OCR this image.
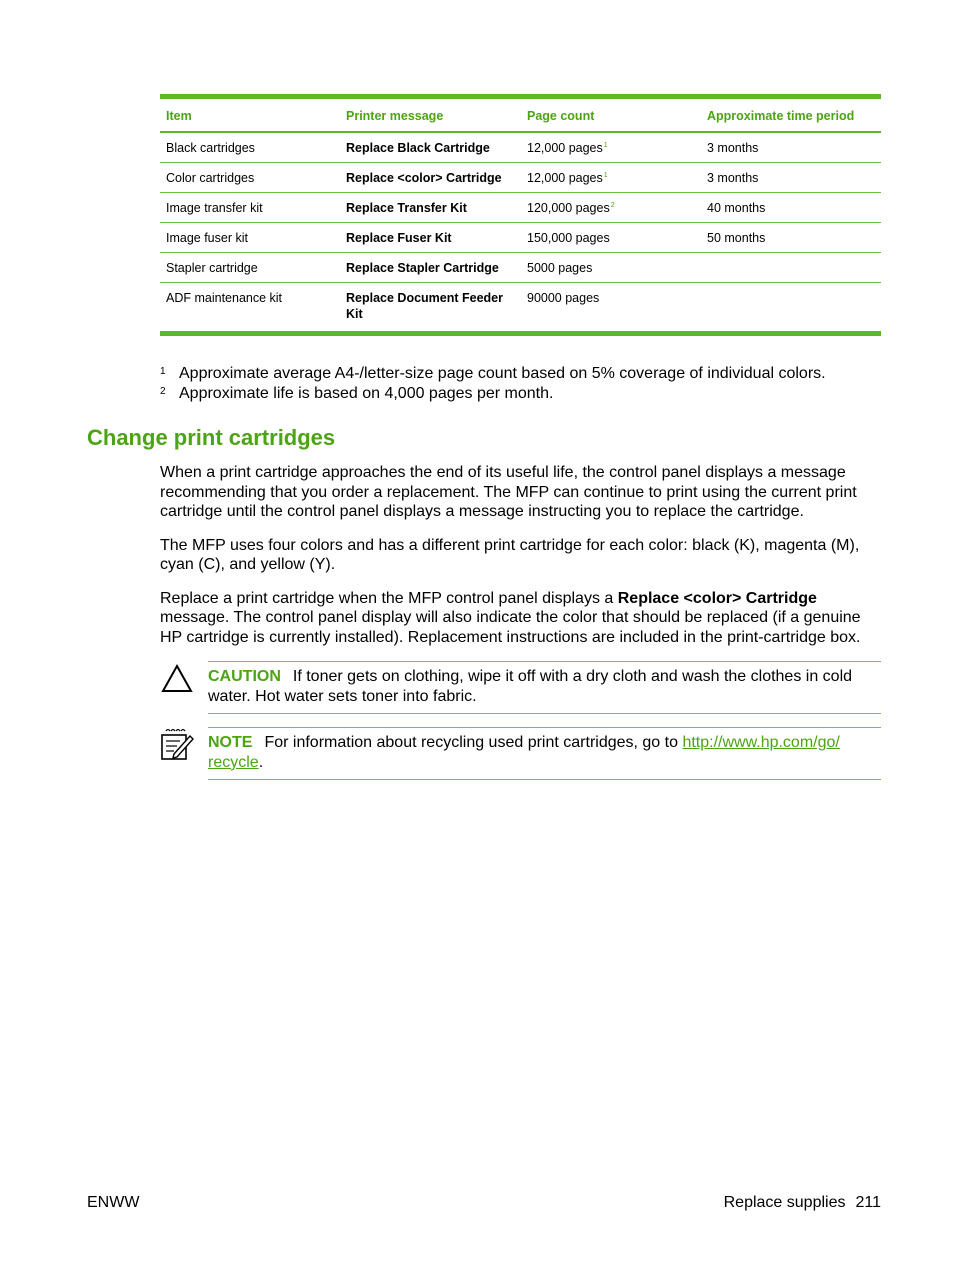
Item	Printer message	Page count	Approximate time period
Black cartridges	Replace Black Cartridge	12,000 pages$^1$	3 months
Color cartridges	Replace <color> Cartridge	12,000 pages$^1$	3 months
Image transfer kit	Replace Transfer Kit	120,000 pages$^2$	40 months
Image fuser kit	Replace Fuser Kit	150,000 pages	50 months
Stapler cartridge	Replace Stapler Cartridge	5000 pages	
ADF maintenance kit	Replace Document Feeder Kit	90000 pages	
1 Approximate average A4-/letter-size page count based on 5% coverage of individual colors.
2 Approximate life is based on 4,000 pages per month.
Change print cartridges

When a print cartridge approaches the end of its useful life, the control panel displays a message recommending that you order a replacement. The MFP can continue to print using the current print cartridge until the control panel displays a message instructing you to replace the cartridge.

The MFP uses four colors and has a different print cartridge for each color: black (K), magenta (M), cyan (C), and yellow (Y).

Replace a print cartridge when the MFP control panel displays a Replace <color> Cartridge message. The control panel display will also indicate the color that should be replaced (if a genuine HP cartridge is currently installed). Replacement instructions are included in the print-cartridge box.

CAUTION If toner gets on clothing, wipe it off with a dry cloth and wash the clothes in cold water. Hot water sets toner into fabric.
NOTE For information about recycling used print cartridges, go to http://www.hp.com/go/
recycle.
ENWW	Replace supplies 211
